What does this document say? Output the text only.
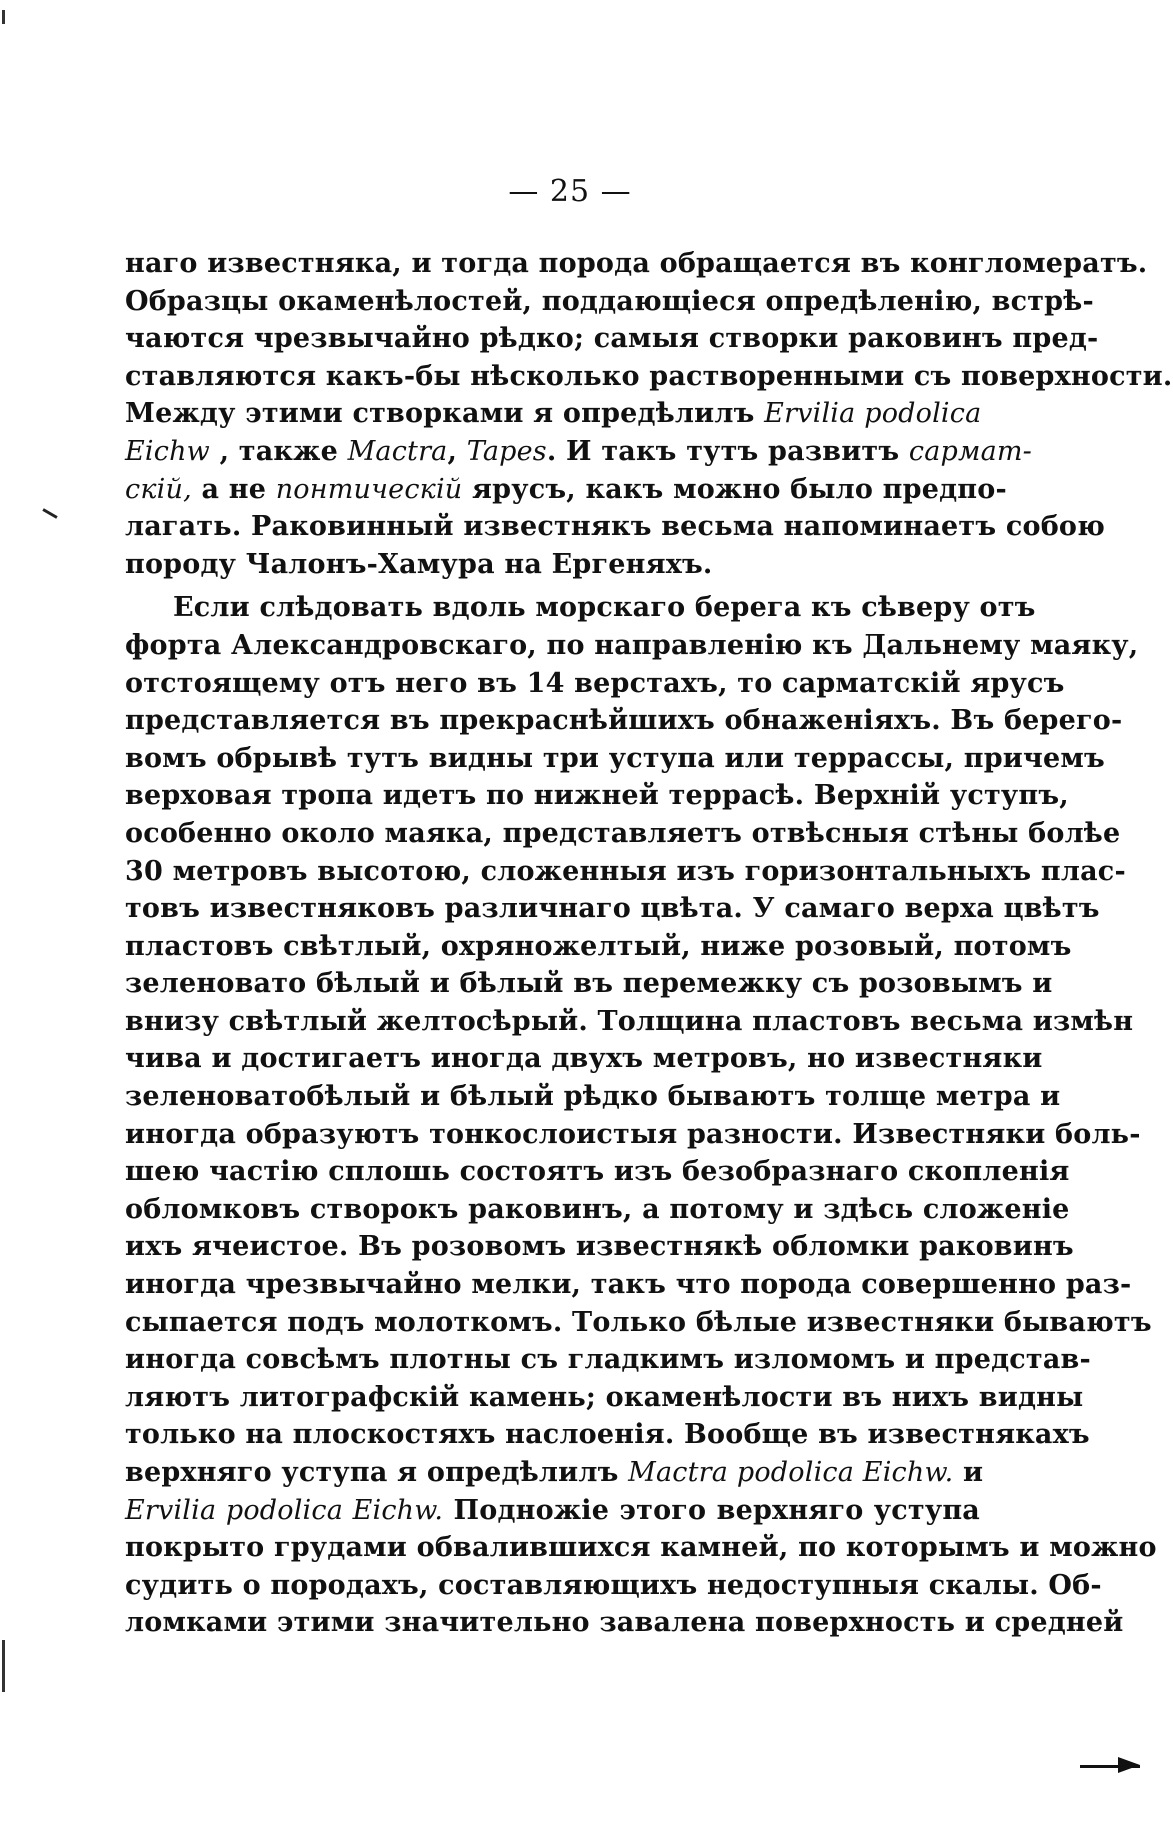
— 25 —
наго известняка, и тогда порода обращается въ конгломератъ.
Образцы окаменѣлостей, поддающіеся опредѣленію, встрѣ-
чаются чрезвычайно рѣдко; самыя створки раковинъ пред-
ставляются какъ-бы нѣсколько растворенными съ поверхности.
Между этими створками я опредѣлилъ Ervilia podolica
Eichw , также Mactra, Tapes. И такъ тутъ развитъ сармат-
скій, а не понтическій ярусъ, какъ можно было предпо-
лагать. Раковинный известнякъ весьма напоминаетъ собою
породу Чалонъ-Хамура на Ергеняхъ.
Если слѣдовать вдоль морскаго берега къ сѣверу отъ
форта Александровскаго, по направленію къ Дальнему маяку,
отстоящему отъ него въ 14 верстахъ, то сарматскій ярусъ
представляется въ прекраснѣйшихъ обнаженіяхъ. Въ берего-
вомъ обрывѣ тутъ видны три уступа или террассы, причемъ
верховая тропа идетъ по нижней террасѣ. Верхній уступъ,
особенно около маяка, представляетъ отвѣсныя стѣны болѣе
30 метровъ высотою, сложенныя изъ горизонтальныхъ плас-
товъ известняковъ различнаго цвѣта. У самаго верха цвѣтъ
пластовъ свѣтлый, охряножелтый, ниже розовый, потомъ
зеленовато бѣлый и бѣлый въ перемежку съ розовымъ и
внизу свѣтлый желтосѣрый. Толщина пластовъ весьма измѣн
чива и достигаетъ иногда двухъ метровъ, но известняки
зеленоватобѣлый и бѣлый рѣдко бываютъ толще метра и
иногда образуютъ тонкослоистыя разности. Известняки боль-
шею частію сплошь состоятъ изъ безобразнаго скопленія
обломковъ створокъ раковинъ, а потому и здѣсь сложеніе
ихъ ячеистое. Въ розовомъ известнякѣ обломки раковинъ
иногда чрезвычайно мелки, такъ что порода совершенно раз-
сыпается подъ молоткомъ. Только бѣлые известняки бываютъ
иногда совсѣмъ плотны съ гладкимъ изломомъ и представ-
ляютъ литографскій камень; окаменѣлости въ нихъ видны
только на плоскостяхъ наслоенія. Вообще въ известнякахъ
верхняго уступа я опредѣлилъ Mactra podolica Eichw. и
Ervilia podolica Eichw. Подножіе этого верхняго уступа
покрыто грудами обвалившихся камней, по которымъ и можно
судить о породахъ, составляющихъ недоступныя скалы. Об-
ломками этими значительно завалена поверхность и средней
